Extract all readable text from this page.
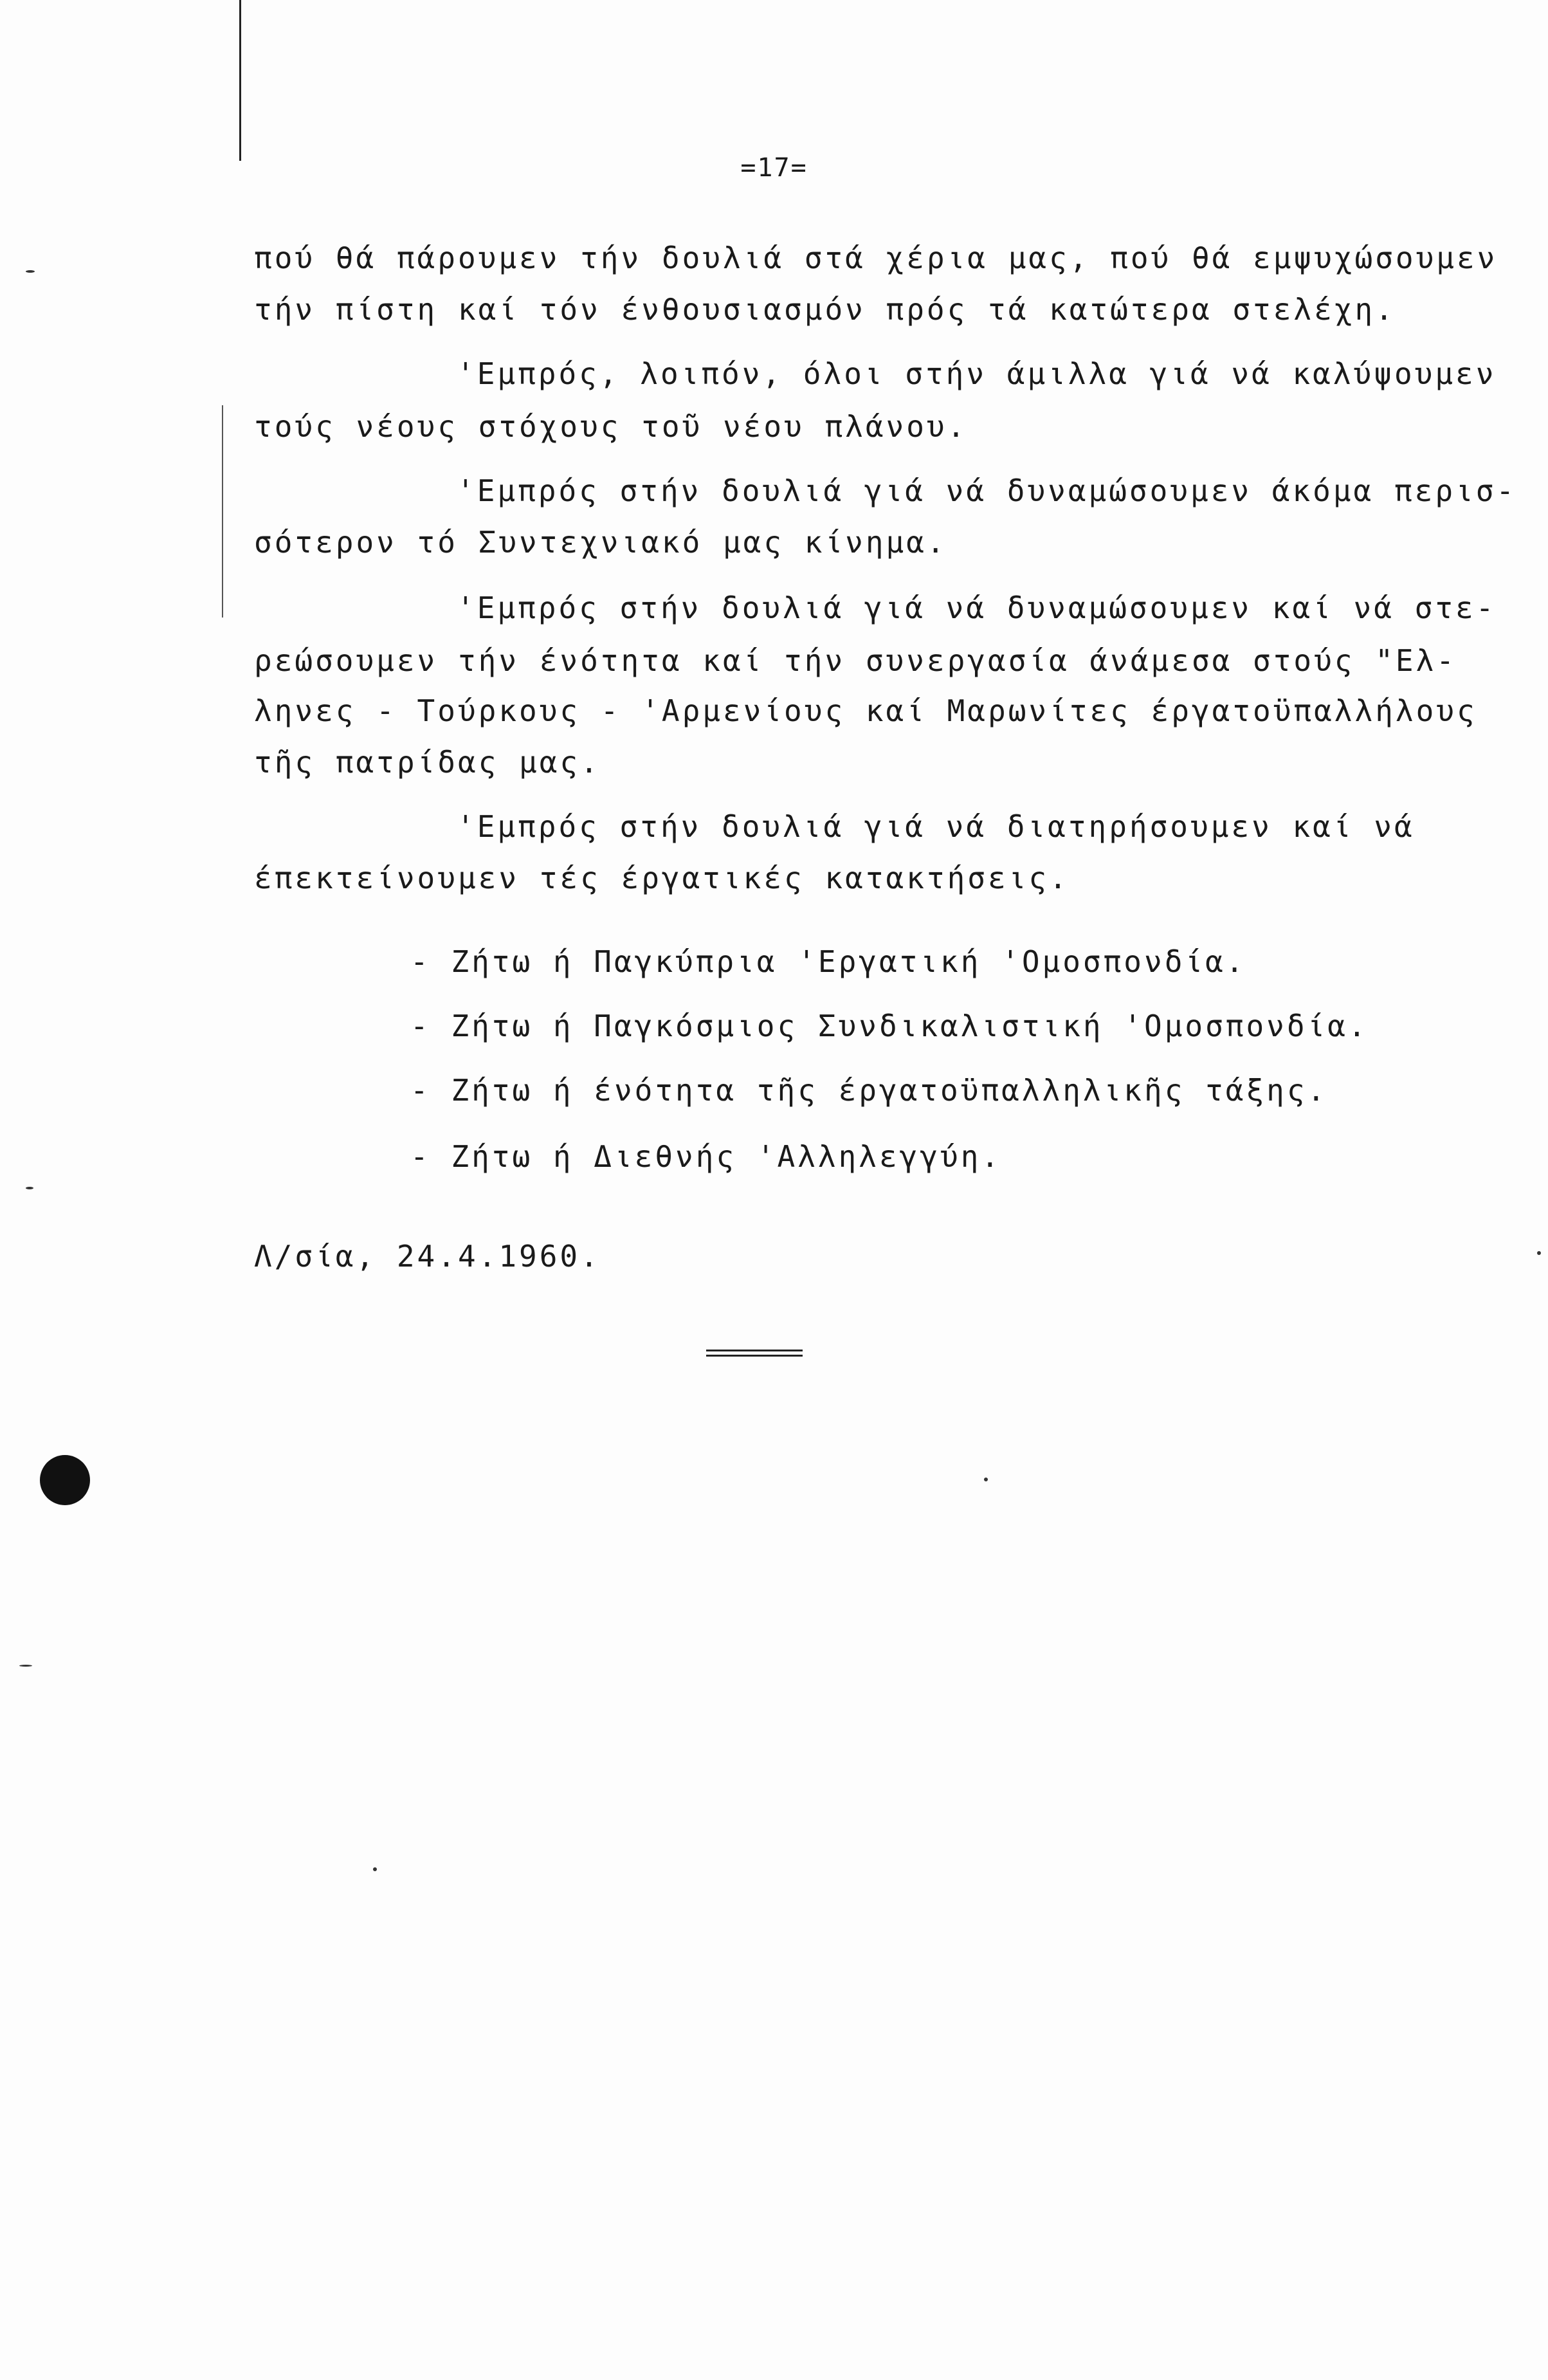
=17=
πού θά πάρουμεν τήν δουλιά στά χέρια μας, πού θά εμψυχώσουμεν
τήν πίστη καί τόν ένθουσιασμόν πρός τά κατώτερα στελέχη.
'Εμπρός, λοιπόν, όλοι στήν άμιλλα γιά νά καλύψουμεν
τούς νέους στόχους τοῦ νέου πλάνου.
'Εμπρός στήν δουλιά γιά νά δυναμώσουμεν άκόμα περισ-
σότερον τό Συντεχνιακό μας κίνημα.
'Εμπρός στήν δουλιά γιά νά δυναμώσουμεν καί νά στε-
ρεώσουμεν τήν ένότητα καί τήν συνεργασία άνάμεσα στούς "Ελ-
ληνες - Τούρκους - 'Αρμενίους καί Μαρωνίτες έργατοϋπαλλήλους
τῆς πατρίδας μας.
'Εμπρός στήν δουλιά γιά νά διατηρήσουμεν καί νά
έπεκτείνουμεν τές έργατικές κατακτήσεις.
- Ζήτω ή Παγκύπρια 'Εργατική 'Ομοσπονδία.
- Ζήτω ή Παγκόσμιος Συνδικαλιστική 'Ομοσπονδία.
- Ζήτω ή ένότητα τῆς έργατοϋπαλληλικῆς τάξης.
- Ζήτω ή Διεθνής 'Αλληλεγγύη.
Λ/σία, 24.4.1960.
